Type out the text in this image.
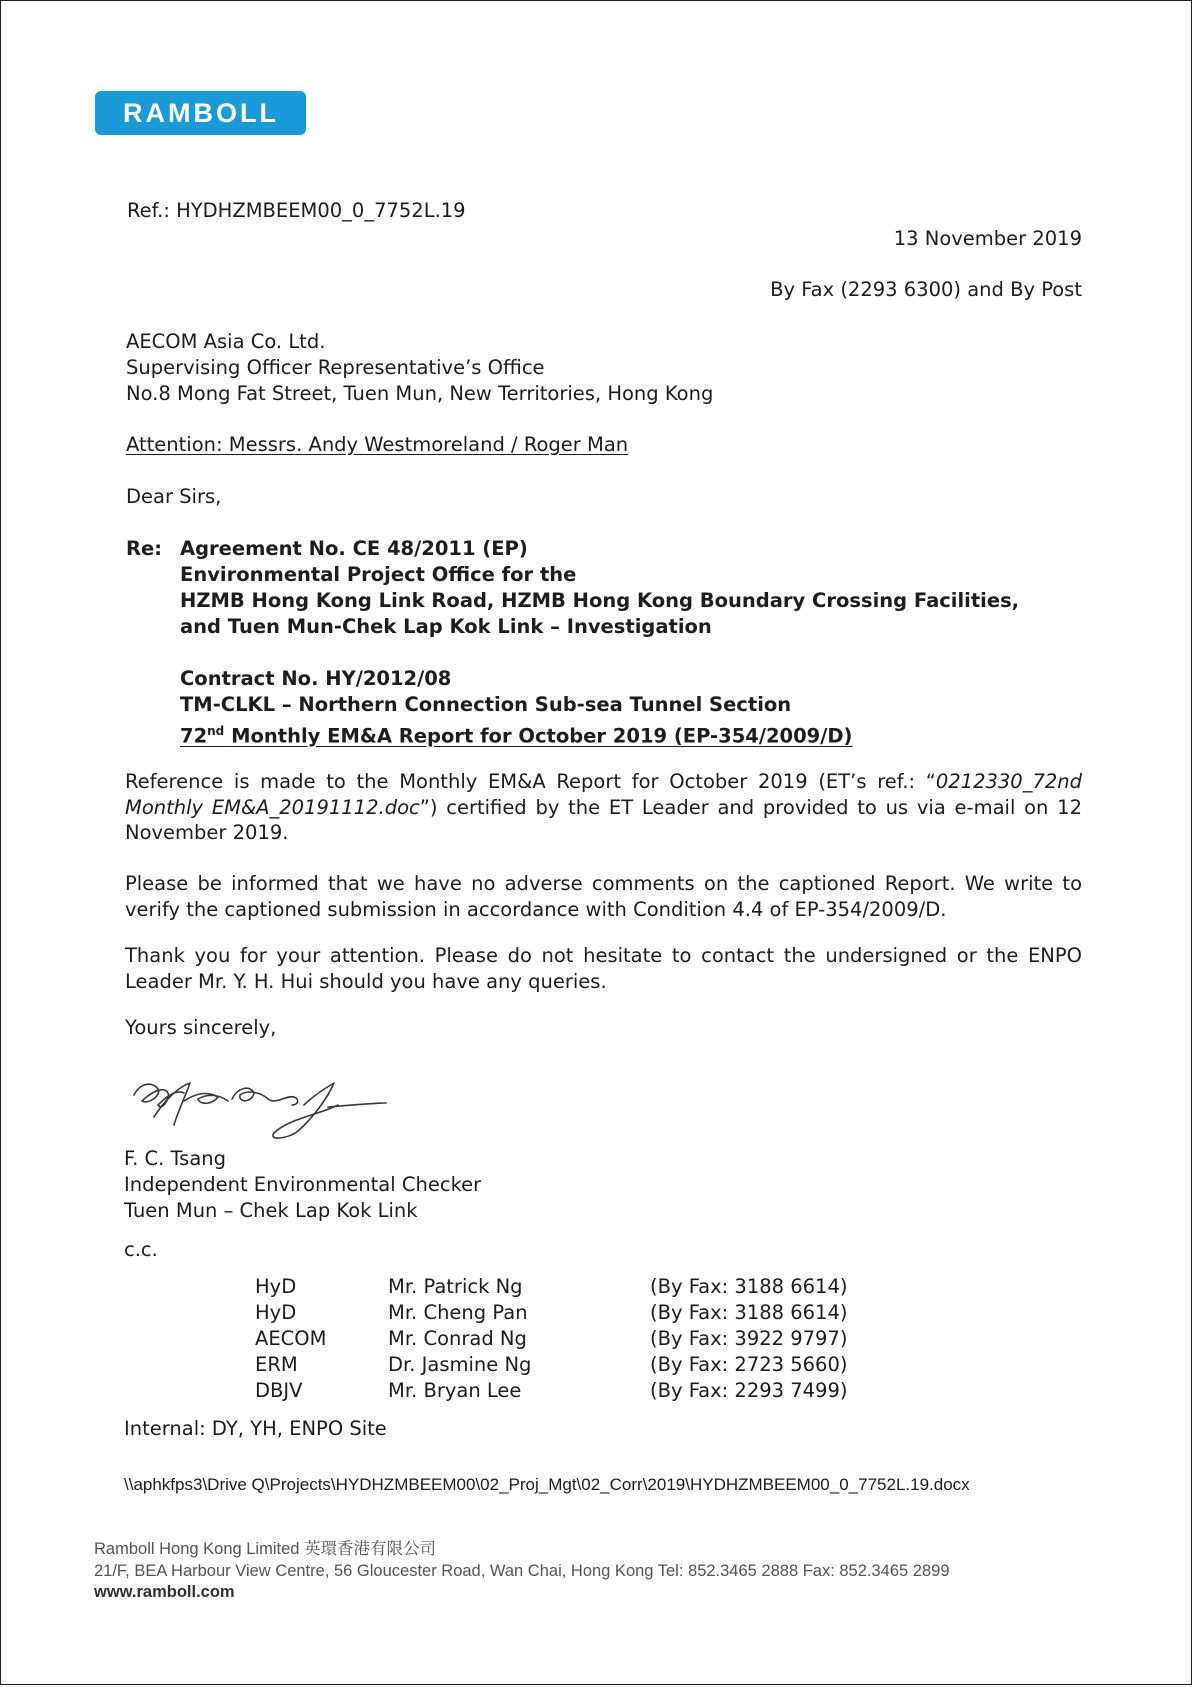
RAMBOLL
Ref.: HYDHZMBEEM00_0_7752L.19
13 November 2019
By Fax (2293 6300) and By Post
AECOM Asia Co. Ltd.
Supervising Officer Representative’s Office
No.8 Mong Fat Street, Tuen Mun, New Territories, Hong Kong
Attention: Messrs. Andy Westmoreland / Roger Man
Dear Sirs,
Re: Agreement No. CE 48/2011 (EP)
Environmental Project Office for the
HZMB Hong Kong Link Road, HZMB Hong Kong Boundary Crossing Facilities,
and Tuen Mun-Chek Lap Kok Link – Investigation
Contract No. HY/2012/08
TM-CLKL – Northern Connection Sub-sea Tunnel Section
72nd Monthly EM&A Report for October 2019 (EP-354/2009/D)
Reference is made to the Monthly EM&A Report for October 2019 (ET’s ref.: “0212330_72nd Monthly EM&A_20191112.doc”) certified by the ET Leader and provided to us via e-mail on 12 November 2019.
Please be informed that we have no adverse comments on the captioned Report. We write to verify the captioned submission in accordance with Condition 4.4 of EP-354/2009/D.
Thank you for your attention. Please do not hesitate to contact the undersigned or the ENPO Leader Mr. Y. H. Hui should you have any queries.
Yours sincerely,
F. C. Tsang
Independent Environmental Checker
Tuen Mun – Chek Lap Kok Link
c.c.
HyD	Mr. Patrick Ng	(By Fax: 3188 6614)
HyD	Mr. Cheng Pan	(By Fax: 3188 6614)
AECOM	Mr. Conrad Ng	(By Fax: 3922 9797)
ERM	Dr. Jasmine Ng	(By Fax: 2723 5660)
DBJV	Mr. Bryan Lee	(By Fax: 2293 7499)
Internal: DY, YH, ENPO Site
\\aphkfps3\Drive Q\Projects\HYDHZMBEEM00\02_Proj_Mgt\02_Corr\2019\HYDHZMBEEM00_0_7752L.19.docx
Ramboll Hong Kong Limited 英環香港有限公司
21/F, BEA Harbour View Centre, 56 Gloucester Road, Wan Chai, Hong Kong Tel: 852.3465 2888 Fax: 852.3465 2899
www.ramboll.com
